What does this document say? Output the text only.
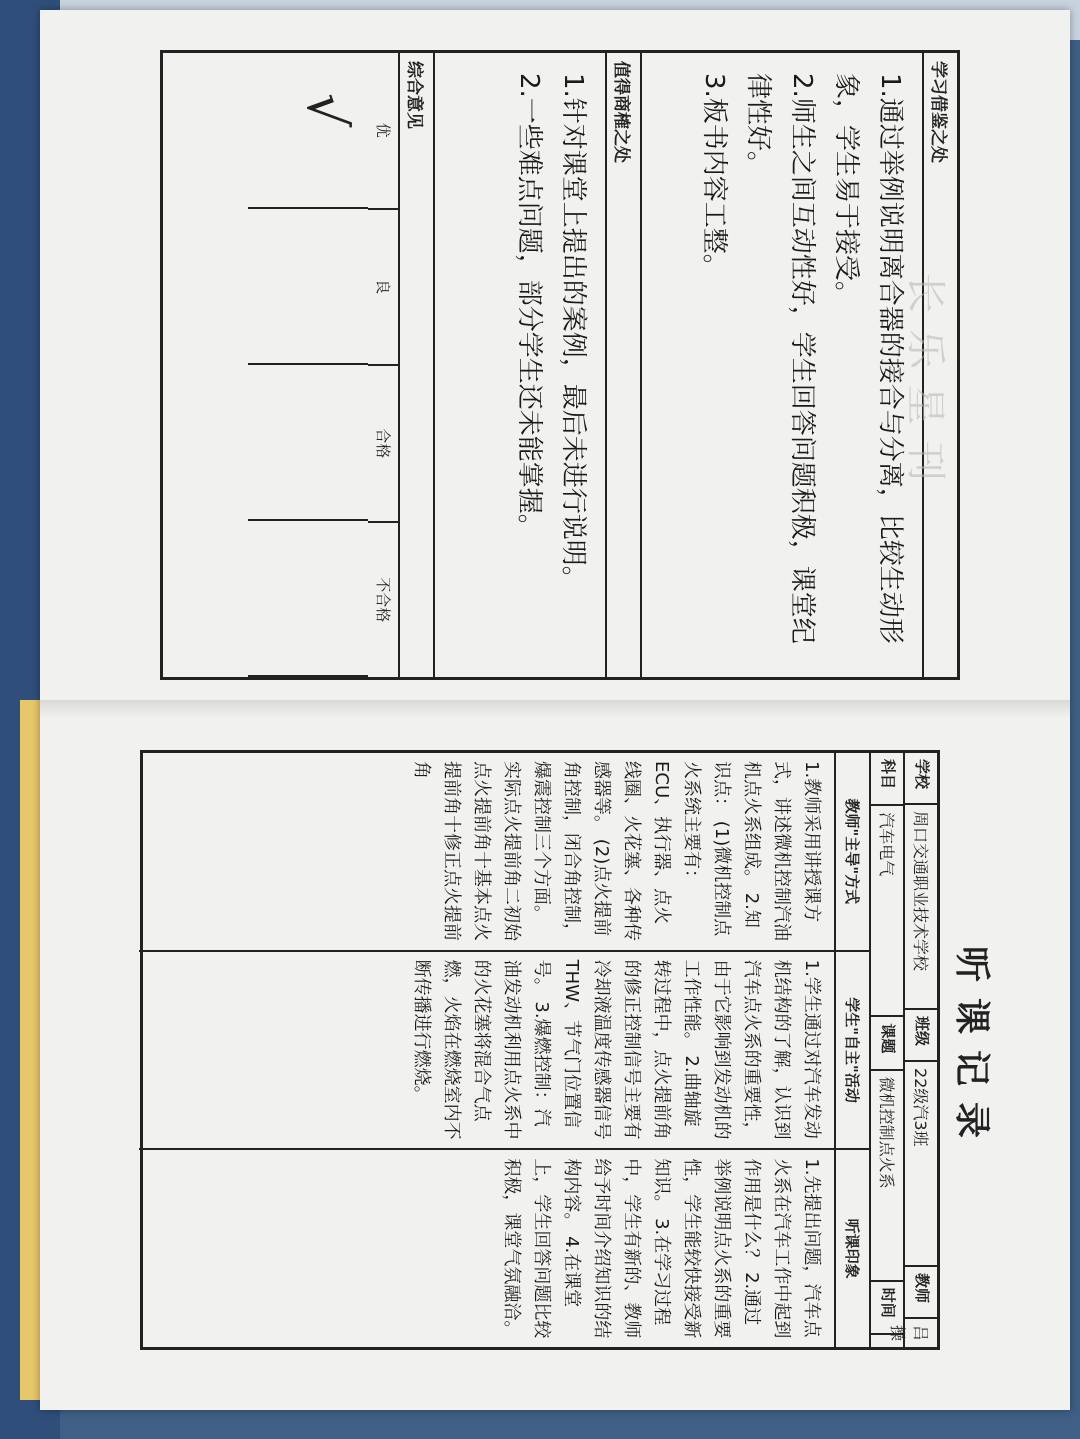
学习借鉴之处
长乐星刊
1.通过举例说明离合器的接合与分离，比较生动形象，学生易于接受。
2.师生之间互动性好，学生回答问题积极，课堂纪律性好。
3.板书内容工整。
值得商榷之处
1.针对课堂上提出的案例，最后未进行说明。
2.一些难点问题，部分学生还未能掌握。
综合意见
优
良
合格
不合格
√
听课记录
学校
周口交通职业技术学校
班级
22级汽3班
教师
吕操
科目
汽车电气
课题
微机控制点火系
时间
教师"主导"方式
1.教师采用讲授课方式，讲述微机控制汽油机点火系组成。 2.知识点： (1)微机控制点火系统主要有：ECU、执行器、点火线圈、火花塞、各种传感器等。 (2)点火提前角控制，闭合角控制，爆震控制三个方面。 实际点火提前角二初始点火提前角十基本点火提前角十修正点火提前角
学生"自主"活动
1.学生通过对汽车发动机结构的了解，认识到汽车点火系的重要性，由于它影响到发动机的工作性能。 2.曲轴旋转过程中，点火提前角的修正控制信号主要有冷却液温度传感器信号THW、节气门位置信号。 3.爆燃控制：汽油发动机利用点火系中的火花塞将混合气点燃，火焰在燃烧室内不断传播进行燃烧。
听课印象
1.先提出问题，汽车点火系在汽车工作中起到作用是什么？ 2.通过举例说明点火系的重要性，学生能较快接受新知识。 3.在学习过程中，学生有新的、教师给予时间介绍知识的结构内容。 4.在课堂上，学生回答问题比较积极，课堂气氛融洽。
